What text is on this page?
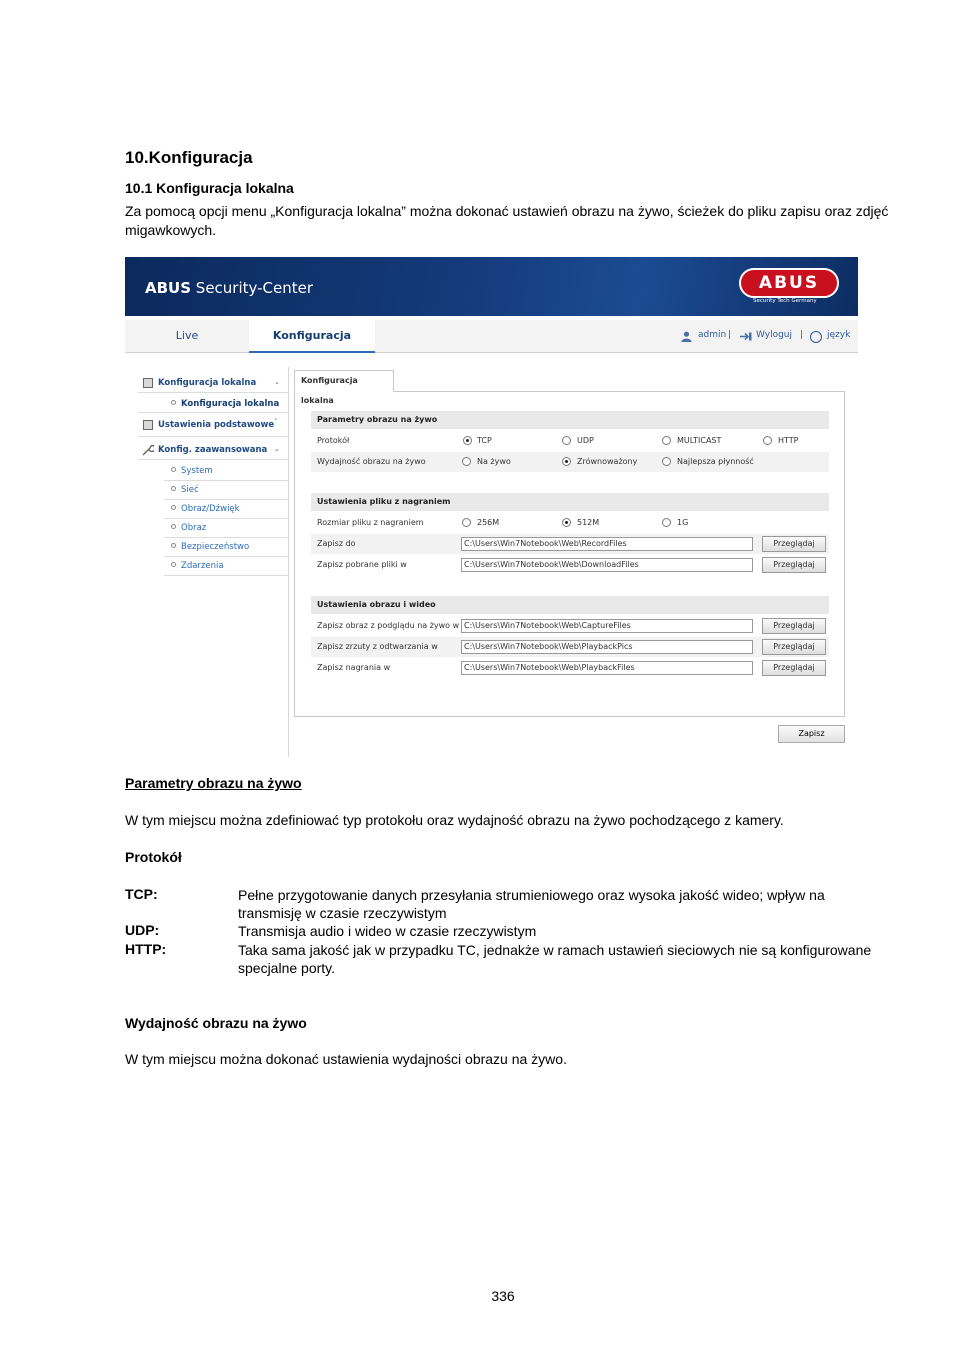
10.Konfiguracja
10.1 Konfiguracja lokalna
Za pomocą opcji menu „Konfiguracja lokalna” można dokonać ustawień obrazu na żywo, ścieżek do pliku zapisu oraz zdjęć migawkowych.
ABUS Security-Center	ABUS
Security Tech Germany
Live	Konfiguracja	admin |	Wyloguj |	język
Konfiguracja lokalna	⌄
Konfiguracja lokalna
Ustawienia podstawowe ˄
Konfig. zaawansowana ⌄
System
Sieć
Obraz/Dźwięk
Obraz
Bezpieczeństwo
Zdarzenia
Konfiguracja lokalna
Parametry obrazu na żywo
Protokół	TCP	UDP	MULTICAST	HTTP
Wydajność obrazu na żywo	Na żywo	Zrównoważony	Najlepsza płynność
Ustawienia pliku z nagraniem
Rozmiar pliku z nagraniem	256M	512M	1G
Zapisz do	C:\Users\Win7Notebook\Web\RecordFiles	Przeglądaj
Zapisz pobrane pliki w	C:\Users\Win7Notebook\Web\DownloadFiles	Przeglądaj
Ustawienia obrazu i wideo
Zapisz obraz z podglądu na żywo w C:\Users\Win7Notebook\Web\CaptureFiles	Przeglądaj
Zapisz zrzuty z odtwarzania w	C:\Users\Win7Notebook\Web\PlaybackPics	Przeglądaj
Zapisz nagrania w	C:\Users\Win7Notebook\Web\PlaybackFiles	Przeglądaj
Zapisz
Parametry obrazu na żywo
W tym miejscu można zdefiniować typ protokołu oraz wydajność obrazu na żywo pochodzącego z kamery.
Protokół
TCP:	Pełne przygotowanie danych przesyłania strumieniowego oraz wysoka jakość wideo; wpływ na transmisję w czasie rzeczywistym
UDP:	Transmisja audio i wideo w czasie rzeczywistym
HTTP:	Taka sama jakość jak w przypadku TC, jednakże w ramach ustawień sieciowych nie są konfigurowane specjalne porty.
Wydajność obrazu na żywo
W tym miejscu można dokonać ustawienia wydajności obrazu na żywo.
336
